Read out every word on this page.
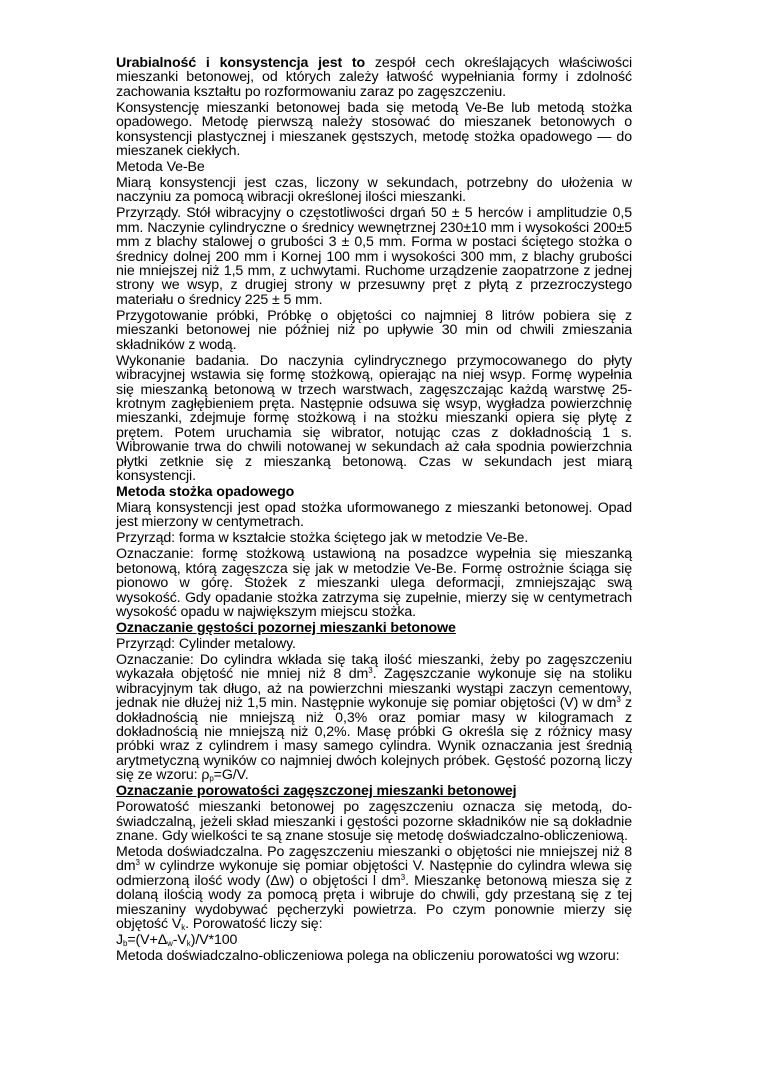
Urabialność i konsystencja jest to zespół cech określających właściwości mieszanki betonowej, od których zależy łatwość wypełniania formy i zdolność zachowania kształtu po rozformowaniu zaraz po zagęszczeniu.

Konsystencję mieszanki betonowej bada się metodą Ve-Be lub metodą stożka opadowego. Metodę pierwszą należy stosować do mieszanek betonowych o konsystencji plastycznej i mieszanek gęstszych, metodę stożka opadowego — do mieszanek ciekłych.

Metoda Ve-Be

Miarą konsystencji jest czas, liczony w sekundach, potrzebny do ułożenia w naczyniu za pomocą wibracji określonej ilości mieszanki.

Przyrządy. Stół wibracyjny o częstotliwości drgań 50 ± 5 herców i amplitudzie 0,5 mm. Naczynie cylindryczne o średnicy wewnętrznej 230±10 mm i wysokości 200±5 mm z blachy stalowej o grubości 3 ± 0,5 mm. Forma w postaci ściętego stożka o średnicy dolnej 200 mm i Kornej 100 mm i wysokości 300 mm, z blachy grubości nie mniejszej niż 1,5 mm, z uchwytami. Ruchome urządzenie zaopatrzone z jednej strony we wsyp, z drugiej strony w przesuwny pręt z płytą z przezroczystego materiału o średnicy 225 ± 5 mm.

Przygotowanie próbki, Próbkę o objętości co najmniej 8 litrów pobiera się z mieszanki betonowej nie później niż po upływie 30 min od chwili zmieszania składników z wodą.

Wykonanie badania. Do naczynia cylindrycznego przymocowanego do płyty wibracyjnej wstawia się formę stożkową, opierając na niej wsyp. Formę wypełnia się mieszanką betonową w trzech warstwach, zagęszczając każdą warstwę 25-krotnym zagłębieniem pręta. Następnie odsuwa się wsyp, wygładza powierzchnię mieszanki, zdejmuje formę stożkową i na stożku mieszanki opiera się płytę z prętem. Potem uruchamia się wibrator, notując czas z dokładnością 1 s. Wibrowanie trwa do chwili notowanej w sekundach aż cała spodnia powierzchnia płytki zetknie się z mieszanką betonową. Czas w sekundach jest miarą konsystencji.

Metoda stożka opadowego

Miarą konsystencji jest opad stożka uformowanego z mieszanki betonowej. Opad jest mierzony w centymetrach.

Przyrząd: forma w kształcie stożka ściętego jak w metodzie Ve-Be.

Oznaczanie: formę stożkową ustawioną na posadzce wypełnia się mieszanką betonową, którą zagęszcza się jak w metodzie Ve-Be. Formę ostrożnie ściąga się pionowo w górę. Stożek z mieszanki ulega deformacji, zmniejszając swą wysokość. Gdy opadanie stożka zatrzyma się zupełnie, mierzy się w centymetrach wysokość opadu w największym miejscu stożka.

Oznaczanie gęstości pozornej mieszanki betonowe

Przyrząd: Cylinder metalowy.

Oznaczanie: Do cylindra wkłada się taką ilość mieszanki, żeby po zagęszczeniu wykazała objętość nie mniej niż 8 $dm^3$. Zagęszczanie wykonuje się na stoliku wibracyjnym tak długo, aż na powierzchni mieszanki wystąpi zaczyn cementowy, jednak nie dłużej niż 1,5 min. Następnie wykonuje się pomiar objętości (V) w $dm^3$ z dokładnością nie mniejszą niż 0,3% oraz pomiar masy w kilogramach z dokładnością nie mniejszą niż 0,2%. Masę próbki G określa się z różnicy masy próbki wraz z cylindrem i masy samego cylindra. Wynik oznaczania jest średnią arytmetyczną wyników co najmniej dwóch kolejnych próbek. Gęstość pozorną liczy się ze wzoru: $\rho_p=G/V$.

Oznaczanie porowatości zagęszczonej mieszanki betonowej

Porowatość mieszanki betonowej po zagęszczeniu oznacza się metodą, do-świadczalną, jeżeli skład mieszanki i gęstości pozorne składników nie są dokładnie znane. Gdy wielkości te są znane stosuje się metodę doświadczalno-obliczeniową.

Metoda doświadczalna. Po zagęszczeniu mieszanki o objętości nie mniejszej niż 8 $dm^3$ w cylindrze wykonuje się pomiar objętości V. Następnie do cylindra wlewa się odmierzoną ilość wody (Δw) o objętości l $dm^3$. Mieszankę betonową miesza się z dolaną ilością wody za pomocą pręta i wibruje do chwili, gdy przestaną się z tej mieszaniny wydobywać pęcherzyki powietrza. Po czym ponownie mierzy się objętość $V_k$. Porowatość liczy się:

$J_b=(V+\Delta_w-V_k)/V*100$

Metoda doświadczalno-obliczeniowa polega na obliczeniu porowatości wg wzoru:
